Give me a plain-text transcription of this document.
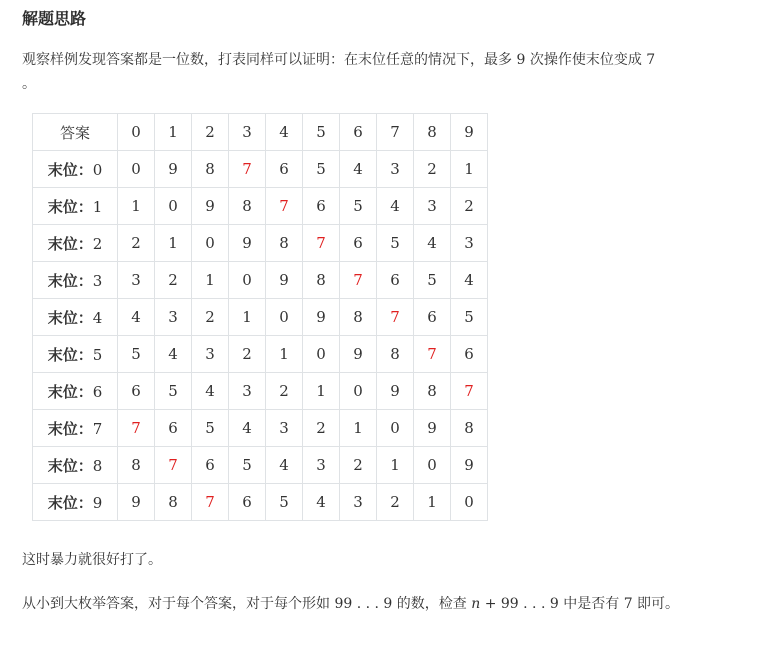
解题思路
观察样例发现答案都是一位数，打表同样可以证明：在末位任意的情况下，最多 9 次操作使末位变成 7
。
答案	0	1	2	3	4	5	6	7	8	9
末位：0	0	9	8	7	6	5	4	3	2	1
末位：1	1	0	9	8	7	6	5	4	3	2
末位：2	2	1	0	9	8	7	6	5	4	3
末位：3	3	2	1	0	9	8	7	6	5	4
末位：4	4	3	2	1	0	9	8	7	6	5
末位：5	5	4	3	2	1	0	9	8	7	6
末位：6	6	5	4	3	2	1	0	9	8	7
末位：7	7	6	5	4	3	2	1	0	9	8
末位：8	8	7	6	5	4	3	2	1	0	9
末位：9	9	8	7	6	5	4	3	2	1	0
这时暴力就很好打了。
从小到大枚举答案，对于每个答案，对于每个形如 99 . . . 9 的数，检查 n + 99 . . . 9 中是否有 7 即可。
